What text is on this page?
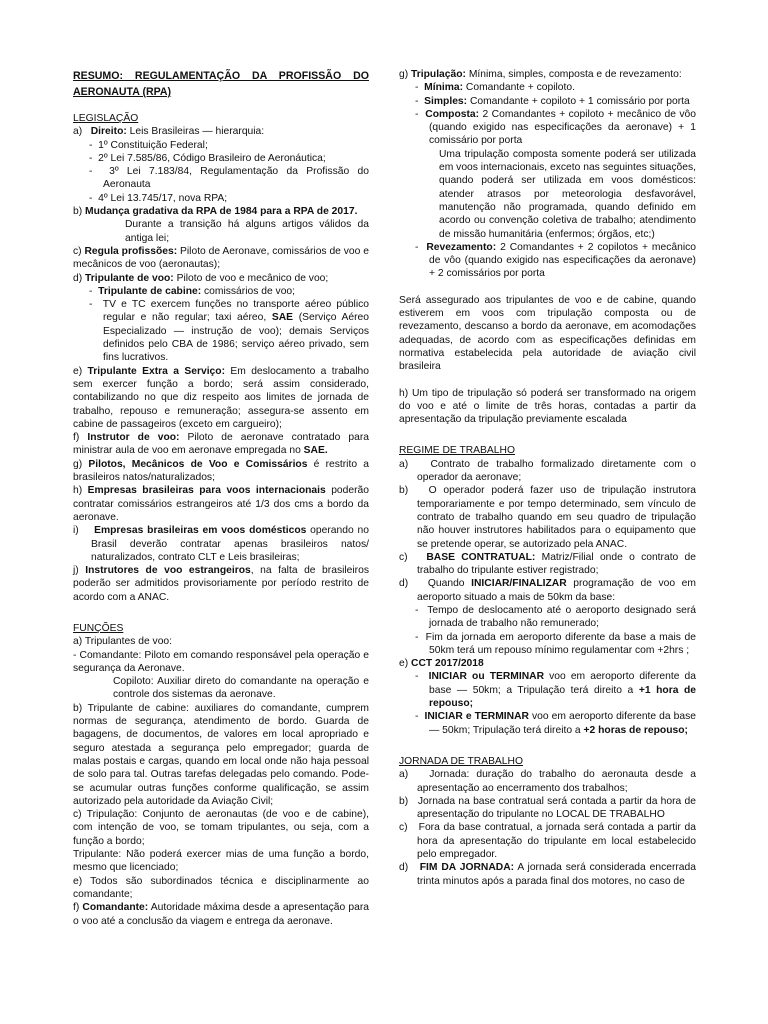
RESUMO: REGULAMENTAÇÃO DA PROFISSÃO DO

AERONAUTA (RPA)

LEGISLAÇÃO

a) Direito: Leis Brasileiras — hierarquia:

-  1º Constituição Federal;

-  2º Lei 7.585/86, Código Brasileiro de Aeronáutica;

-  3º Lei 7.183/84, Regulamentação da Profissão do Aeronauta

-  4º Lei 13.745/17, nova RPA;

b) Mudança gradativa da RPA de 1984 para a RPA de 2017.

Durante a transição há alguns artigos válidos da antiga lei;

c) Regula profissões: Piloto de Aeronave, comissários de voo e mecânicos de voo (aeronautas);

d) Tripulante de voo: Piloto de voo e mecânico de voo;

-  Tripulante de cabine: comissários de voo;

-  TV e TC exercem funções no transporte aéreo público regular e não regular; taxi aéreo, SAE (Serviço Aéreo Especializado — instrução de voo); demais Serviços definidos pelo CBA de 1986; serviço aéreo privado, sem fins lucrativos.

e) Tripulante Extra a Serviço: Em deslocamento a trabalho sem exercer função a bordo; será assim considerado, contabilizando no que diz respeito aos limites de jornada de trabalho, repouso e remuneração; assegura-se assento em cabine de passageiros (exceto em cargueiro);

f) Instrutor de voo: Piloto de aeronave contratado para ministrar aula de voo em aeronave empregada no SAE.

g) Pilotos, Mecânicos de Voo e Comissários é restrito a brasileiros natos/naturalizados;

h) Empresas brasileiras para voos internacionais poderão contratar comissários estrangeiros até 1/3 dos cms a bordo da aeronave.

i) Empresas brasileiras em voos domésticos operando no Brasil deverão contratar apenas brasileiros natos/ naturalizados, contrato CLT e Leis brasileiras;

j) Instrutores de voo estrangeiros, na falta de brasileiros poderão ser admitidos provisoriamente por período restrito de acordo com a ANAC.

FUNÇÕES

a) Tripulantes de voo:

- Comandante: Piloto em comando responsável pela operação e segurança da Aeronave.

Copiloto: Auxiliar direto do comandante na operação e controle dos sistemas da aeronave.

b) Tripulante de cabine: auxiliares do comandante, cumprem normas de segurança, atendimento de bordo. Guarda de bagagens, de documentos, de valores em local apropriado e seguro atestada a segurança pelo empregador; guarda de malas postais e cargas, quando em local onde não haja pessoal de solo para tal. Outras tarefas delegadas pelo comando. Pode-se acumular outras funções conforme qualificação, se assim autorizado pela autoridade da Aviação Civil;

c) Tripulação: Conjunto de aeronautas (de voo e de cabine), com intenção de voo, se tomam tripulantes, ou seja, com a função a bordo;

Tripulante: Não poderá exercer mias de uma função a bordo, mesmo que licenciado;

e) Todos são subordinados técnica e disciplinarmente ao comandante;

f) Comandante: Autoridade máxima desde a apresentação para o voo até a conclusão da viagem e entrega da aeronave.

g) Tripulação: Mínima, simples, composta e de revezamento:

-  Mínima: Comandante + copiloto.

-  Simples: Comandante + copiloto + 1 comissário por porta

-  Composta: 2 Comandantes + copiloto + mecânico de vôo (quando exigido nas especificações da aeronave) + 1 comissário por porta

Uma tripulação composta somente poderá ser utilizada em voos internacionais, exceto nas seguintes situações, quando poderá ser utilizada em voos domésticos: atender atrasos por meteorologia desfavorável, manutenção não programada, quando definido em acordo ou convenção coletiva de trabalho; atendimento de missão humanitária (enfermos; órgãos, etc;)

-  Revezamento: 2 Comandantes + 2 copilotos + mecânico de vôo (quando exigido nas especificações da aeronave) + 2 comissários por porta

Será assegurado aos tripulantes de voo e de cabine, quando estiverem em voos com tripulação composta ou de revezamento, descanso a bordo da aeronave, em acomodações adequadas, de acordo com as especificações definidas em normativa estabelecida pela autoridade de aviação civil brasileira

h) Um tipo de tripulação só poderá ser transformado na origem do voo e até o limite de três horas, contadas a partir da apresentação da tripulação previamente escalada

REGIME DE TRABALHO

a) Contrato de trabalho formalizado diretamente com o operador da aeronave;

b) O operador poderá fazer uso de tripulação instrutora temporariamente e por tempo determinado, sem vínculo de contrato de trabalho quando em seu quadro de tripulação não houver instrutores habilitados para o equipamento que se pretende operar, se autorizado pela ANAC.

c) BASE CONTRATUAL: Matriz/Filial onde o contrato de trabalho do tripulante estiver registrado;

d) Quando INICIAR/FINALIZAR programação de voo em aeroporto situado a mais de 50km da base:

-  Tempo de deslocamento até o aeroporto designado será jornada de trabalho não remunerado;

-  Fim da jornada em aeroporto diferente da base a mais de 50km terá um repouso mínimo regulamentar com +2hrs ;

e) CCT 2017/2018

-  INICIAR ou TERMINAR voo em aeroporto diferente da base — 50km; a Tripulação terá direito a +1 hora de repouso;

-  INICIAR e TERMINAR voo em aeroporto diferente da base — 50km; Tripulação terá direito a +2 horas de repouso;

JORNADA DE TRABALHO

a) Jornada: duração do trabalho do aeronauta desde a apresentação ao encerramento dos trabalhos;

b) Jornada na base contratual será contada a partir da hora de apresentação do tripulante no LOCAL DE TRABALHO

c) Fora da base contratual, a jornada será contada a partir da hora da apresentação do tripulante em local estabelecido pelo empregador.

d) FIM DA JORNADA: A jornada será considerada encerrada trinta minutos após a parada final dos motores, no caso de
